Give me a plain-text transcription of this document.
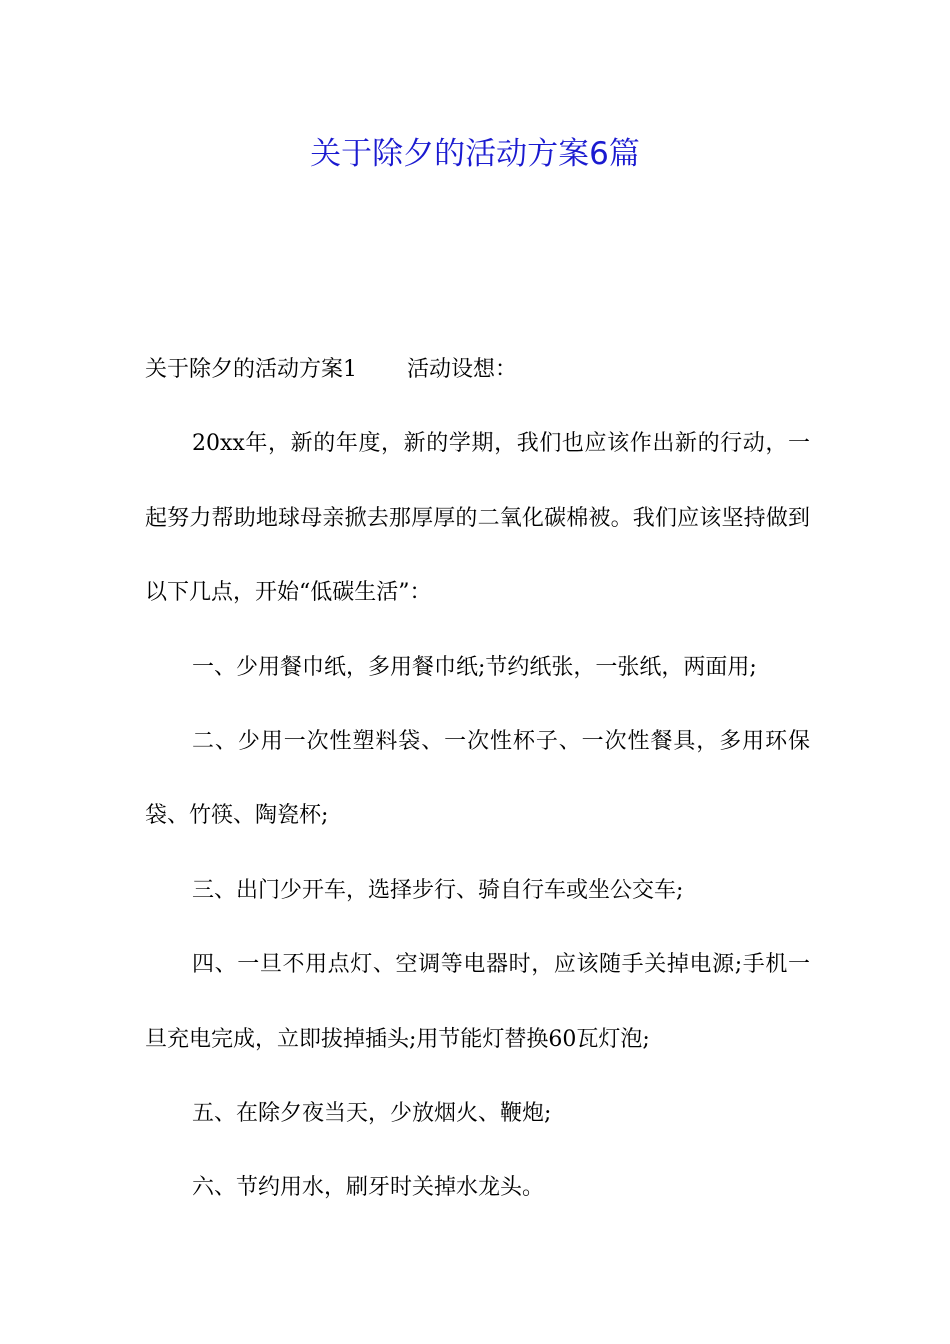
关于除夕的活动方案6篇

关于除夕的活动方案1 活动设想：

20xx年，新的年度，新的学期，我们也应该作出新的行动，一起努力帮助地球母亲掀去那厚厚的二氧化碳棉被。我们应该坚持做到以下几点，开始“低碳生活”：

一、少用餐巾纸，多用餐巾纸;节约纸张，一张纸，两面用;

二、少用一次性塑料袋、一次性杯子、一次性餐具，多用环保袋、竹筷、陶瓷杯;

三、出门少开车，选择步行、骑自行车或坐公交车;

四、一旦不用点灯、空调等电器时，应该随手关掉电源;手机一旦充电完成，立即拔掉插头;用节能灯替换60瓦灯泡;

五、在除夕夜当天，少放烟火、鞭炮;

六、节约用水，刷牙时关掉水龙头。
